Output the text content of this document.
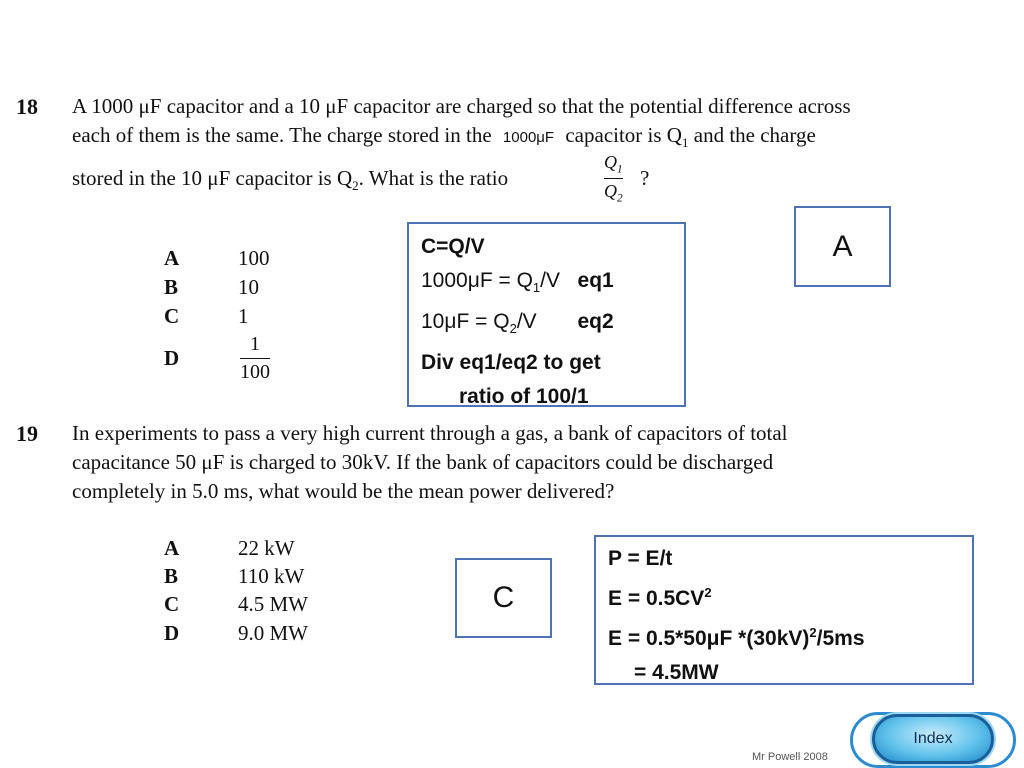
18 A 1000 μF capacitor and a 10 μF capacitor are charged so that the potential difference across
each of them is the same. The charge stored in the 1000μF capacitor is $Q_1$ and the charge
stored in the 10 μF capacitor is $Q_2$. What is the ratio	$\frac{Q_1}{Q_2}$ ?
A	100
B	10
C	1
D	$\frac{1}{100}$
C=Q/V
$1000\mu F = Q_1/V$ eq1
$10\mu F = Q_2/V$ eq2
Div eq1/eq2 to get
ratio of 100/1
A
19 In experiments to pass a very high current through a gas, a bank of capacitors of total
capacitance 50 μF is charged to 30kV. If the bank of capacitors could be discharged
completely in 5.0 ms, what would be the mean power delivered?
A	22 kW
B	110 kW
C	4.5 MW
D	9.0 MW
C
P = E/t
$E = 0.5CV^2$
E = 0.5*50μF $*(30kV)^2/5ms$
= 4.5MW
Mr Powell 2008
Index
